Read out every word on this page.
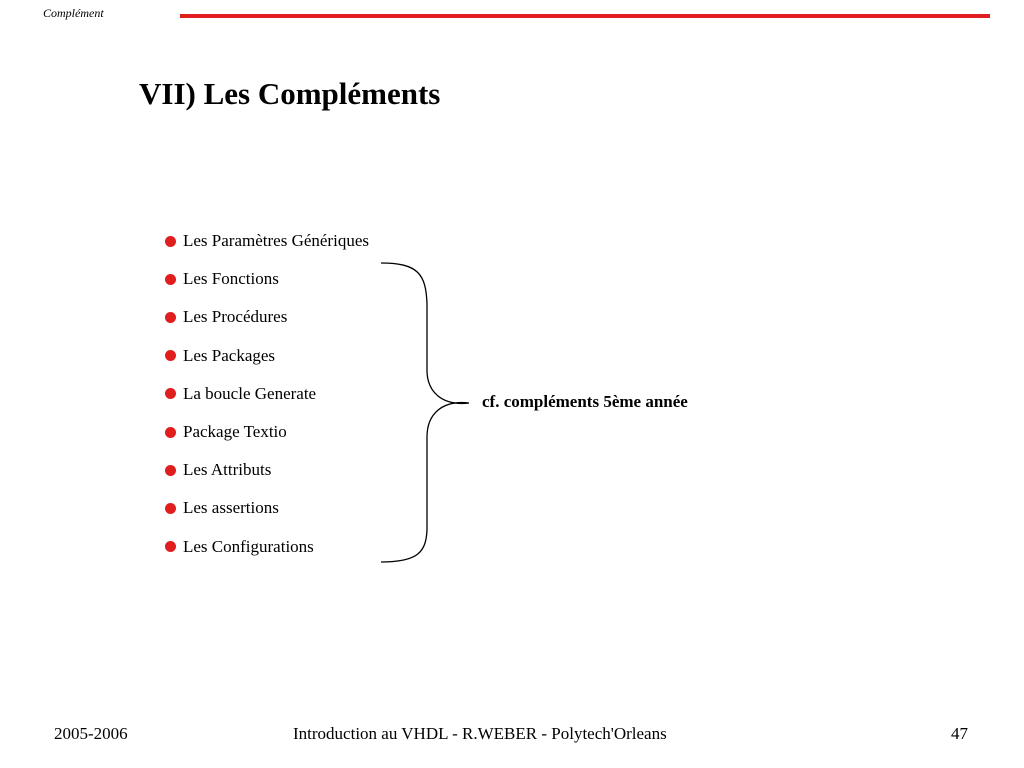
Complément
VII) Les Compléments
Les Paramètres Génériques
Les Fonctions
Les Procédures
Les Packages
La boucle Generate
Package Textio
Les Attributs
Les assertions
Les Configurations
cf. compléments 5ème année
2005-2006	Introduction au VHDL - R.WEBER - Polytech'Orleans	47
